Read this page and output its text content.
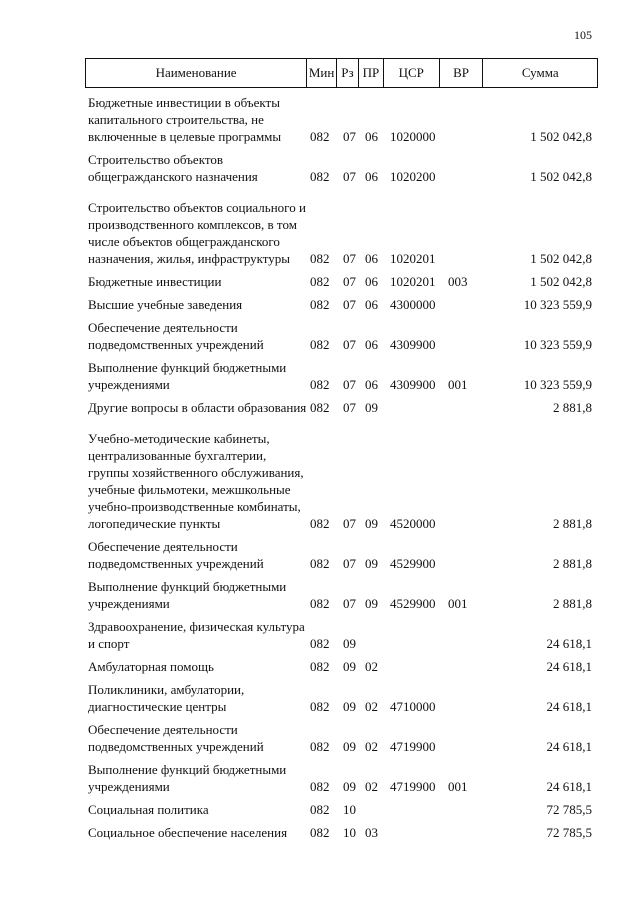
105
Наименование	Мин Рз ПР	ЦСР	ВР	Сумма
Бюджетные инвестиции в объекты капитального строительства, не включенные в целевые программы	082	07 06 1020000	1 502 042,8
Строительство объектов общегражданского назначения	082	07 06 1020200	1 502 042,8
Строительство объектов социального и производственного комплексов, в том числе объектов общегражданского назначения, жилья, инфраструктуры	082	07 06 1020201	1 502 042,8
Бюджетные инвестиции	082	07 06 1020201 003	1 502 042,8
Высшие учебные заведения	082	07 06 4300000	10 323 559,9
Обеспечение деятельности подведомственных учреждений	082	07 06 4309900	10 323 559,9
Выполнение функций бюджетными учреждениями	082	07 06 4309900 001	10 323 559,9
Другие вопросы в области образования 082	07 09	2 881,8
Учебно-методические кабинеты, централизованные бухгалтерии, группы хозяйственного обслуживания, учебные фильмотеки, межшкольные учебно-производственные комбинаты, логопедические пункты	082	07 09 4520000	2 881,8
Обеспечение деятельности подведомственных учреждений	082	07 09 4529900	2 881,8
Выполнение функций бюджетными учреждениями	082	07 09 4529900 001	2 881,8
Здравоохранение, физическая культура и спорт	082	09	24 618,1
Амбулаторная помощь	082	09 02	24 618,1
Поликлиники, амбулатории, диагностические центры	082	09 02 4710000	24 618,1
Обеспечение деятельности подведомственных учреждений	082	09 02 4719900	24 618,1
Выполнение функций бюджетными учреждениями	082	09 02 4719900 001	24 618,1
Социальная политика	082	10	72 785,5
Социальное обеспечение населения	082	10 03	72 785,5
